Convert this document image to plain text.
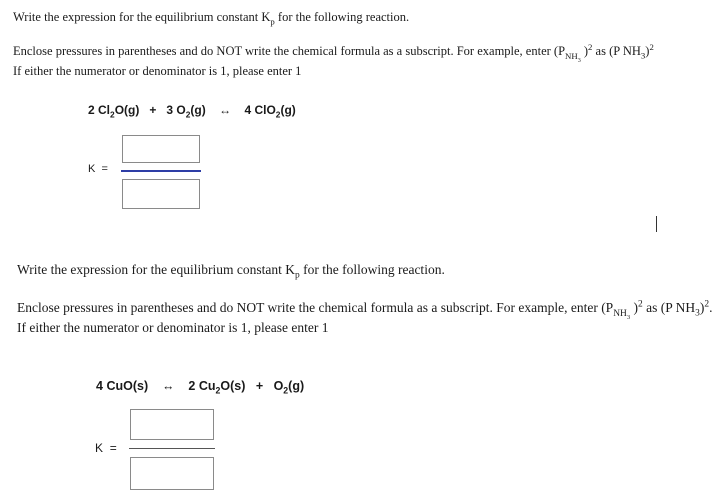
Write the expression for the equilibrium constant $K_p$ for the following reaction.
Enclose pressures in parentheses and do NOT write the chemical formula as a subscript. For example, enter ($P_{NH_3}$ )$^2$ as (P $NH_3)^2$
If either the numerator or denominator is 1, please enter 1
2 $Cl_2O(g) + 3$ $O_2(g)$ ↔ 4 ClO$_2$(g)
K =
Write the expression for the equilibrium constant $K_p$ for the following reaction.
Enclose pressures in parentheses and do NOT write the chemical formula as a subscript. For example, enter ($P_{NH_3}$ )$^2$ as (P $NH_3)^2$
If either the numerator or denominator is 1, please enter 1
4 CuO(s) ↔ 2 $Cu_2O(s) + O_2(g)$
K =
